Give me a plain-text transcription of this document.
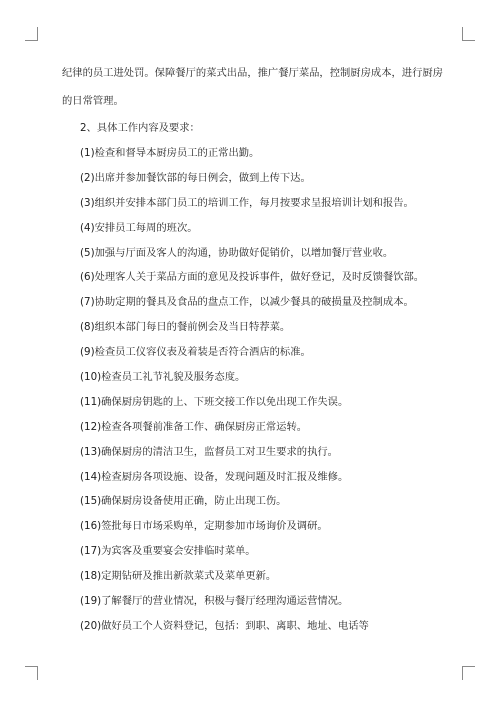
纪律的员工进处罚。保障餐厅的菜式出品，推广餐厅菜品，控制厨房成本，进行厨房
的日常管理。
2、具体工作内容及要求：
(1)检查和督导本厨房员工的正常出勤。
(2)出席并参加餐饮部的每日例会，做到上传下达。
(3)组织并安排本部门员工的培训工作，每月按要求呈报培训计划和报告。
(4)安排员工每周的班次。
(5)加强与厅面及客人的沟通，协助做好促销价，以增加餐厅营业收。
(6)处理客人关于菜品方面的意见及投诉事件，做好登记，及时反馈餐饮部。
(7)协助定期的餐具及食品的盘点工作，以减少餐具的破损量及控制成本。
(8)组织本部门每日的餐前例会及当日特荐菜。
(9)检查员工仪容仪表及着装是否符合酒店的标准。
(10)检查员工礼节礼貌及服务态度。
(11)确保厨房钥匙的上、下班交接工作以免出现工作失误。
(12)检查各项餐前准备工作、确保厨房正常运转。
(13)确保厨房的清洁卫生，监督员工对卫生要求的执行。
(14)检查厨房各项设施、设备，发现问题及时汇报及维修。
(15)确保厨房设备使用正确，防止出现工伤。
(16)签批每日市场采购单，定期参加市场询价及调研。
(17)为宾客及重要宴会安排临时菜单。
(18)定期钻研及推出新款菜式及菜单更新。
(19)了解餐厅的营业情况，积极与餐厅经理沟通运营情况。
(20)做好员工个人资料登记，包括：到职、离职、地址、电话等
